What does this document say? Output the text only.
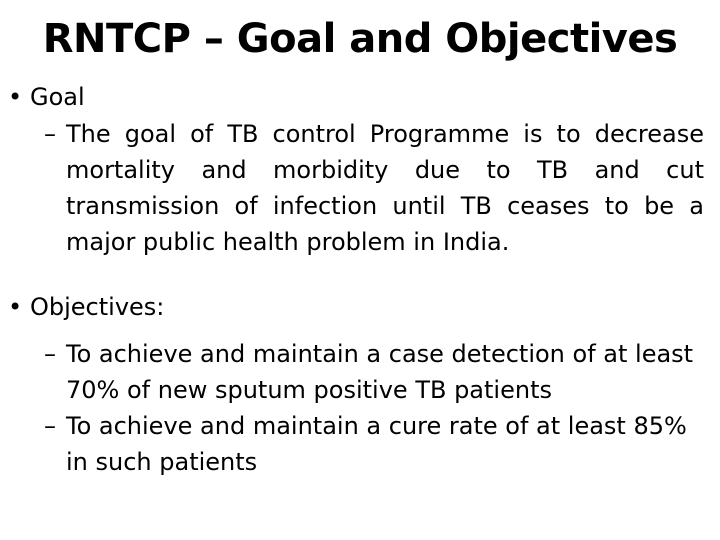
RNTCP – Goal and Objectives
• Goal
– The goal of TB control Programme is to decrease mortality and morbidity due to TB and cut transmission of infection until TB ceases to be a major public health problem in India.
• Objectives:
– To achieve and maintain a case detection of at least 70% of new sputum positive TB patients
– To achieve and maintain a cure rate of at least 85% in such patients
